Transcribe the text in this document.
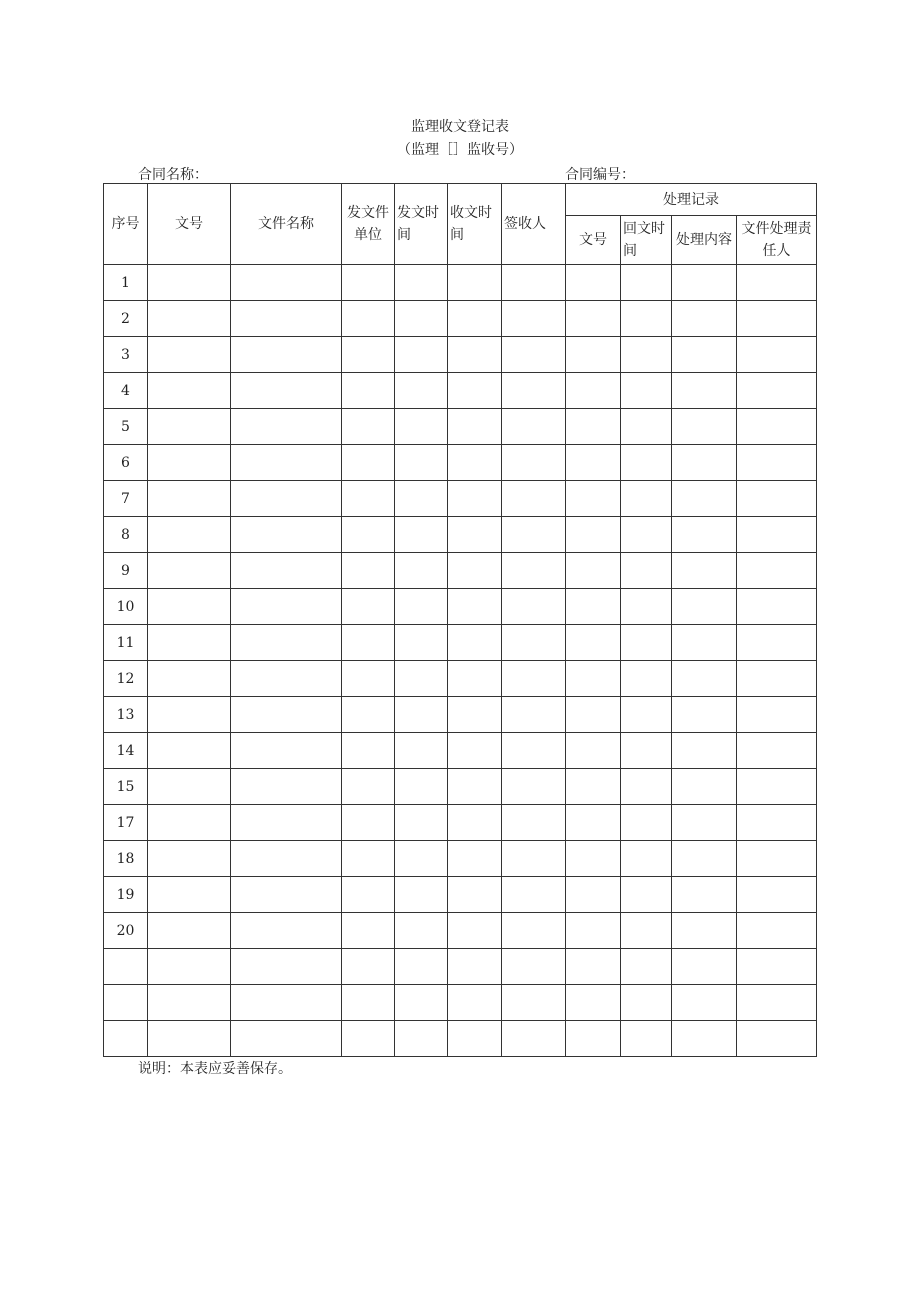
监理收文登记表
（监理［］监收号）
合同名称：	合同编号：
序号	文号	文件名称	发文件单位	发文时间	收文时间	签收人	处理记录			
							文号	回文时间	处理内容	文件处理责任人
1										
2										
3										
4										
5										
6										
7										
8										
9										
10										
11										
12										
13										
14										
15										
17										
18										
19										
20										

说明：本表应妥善保存。
